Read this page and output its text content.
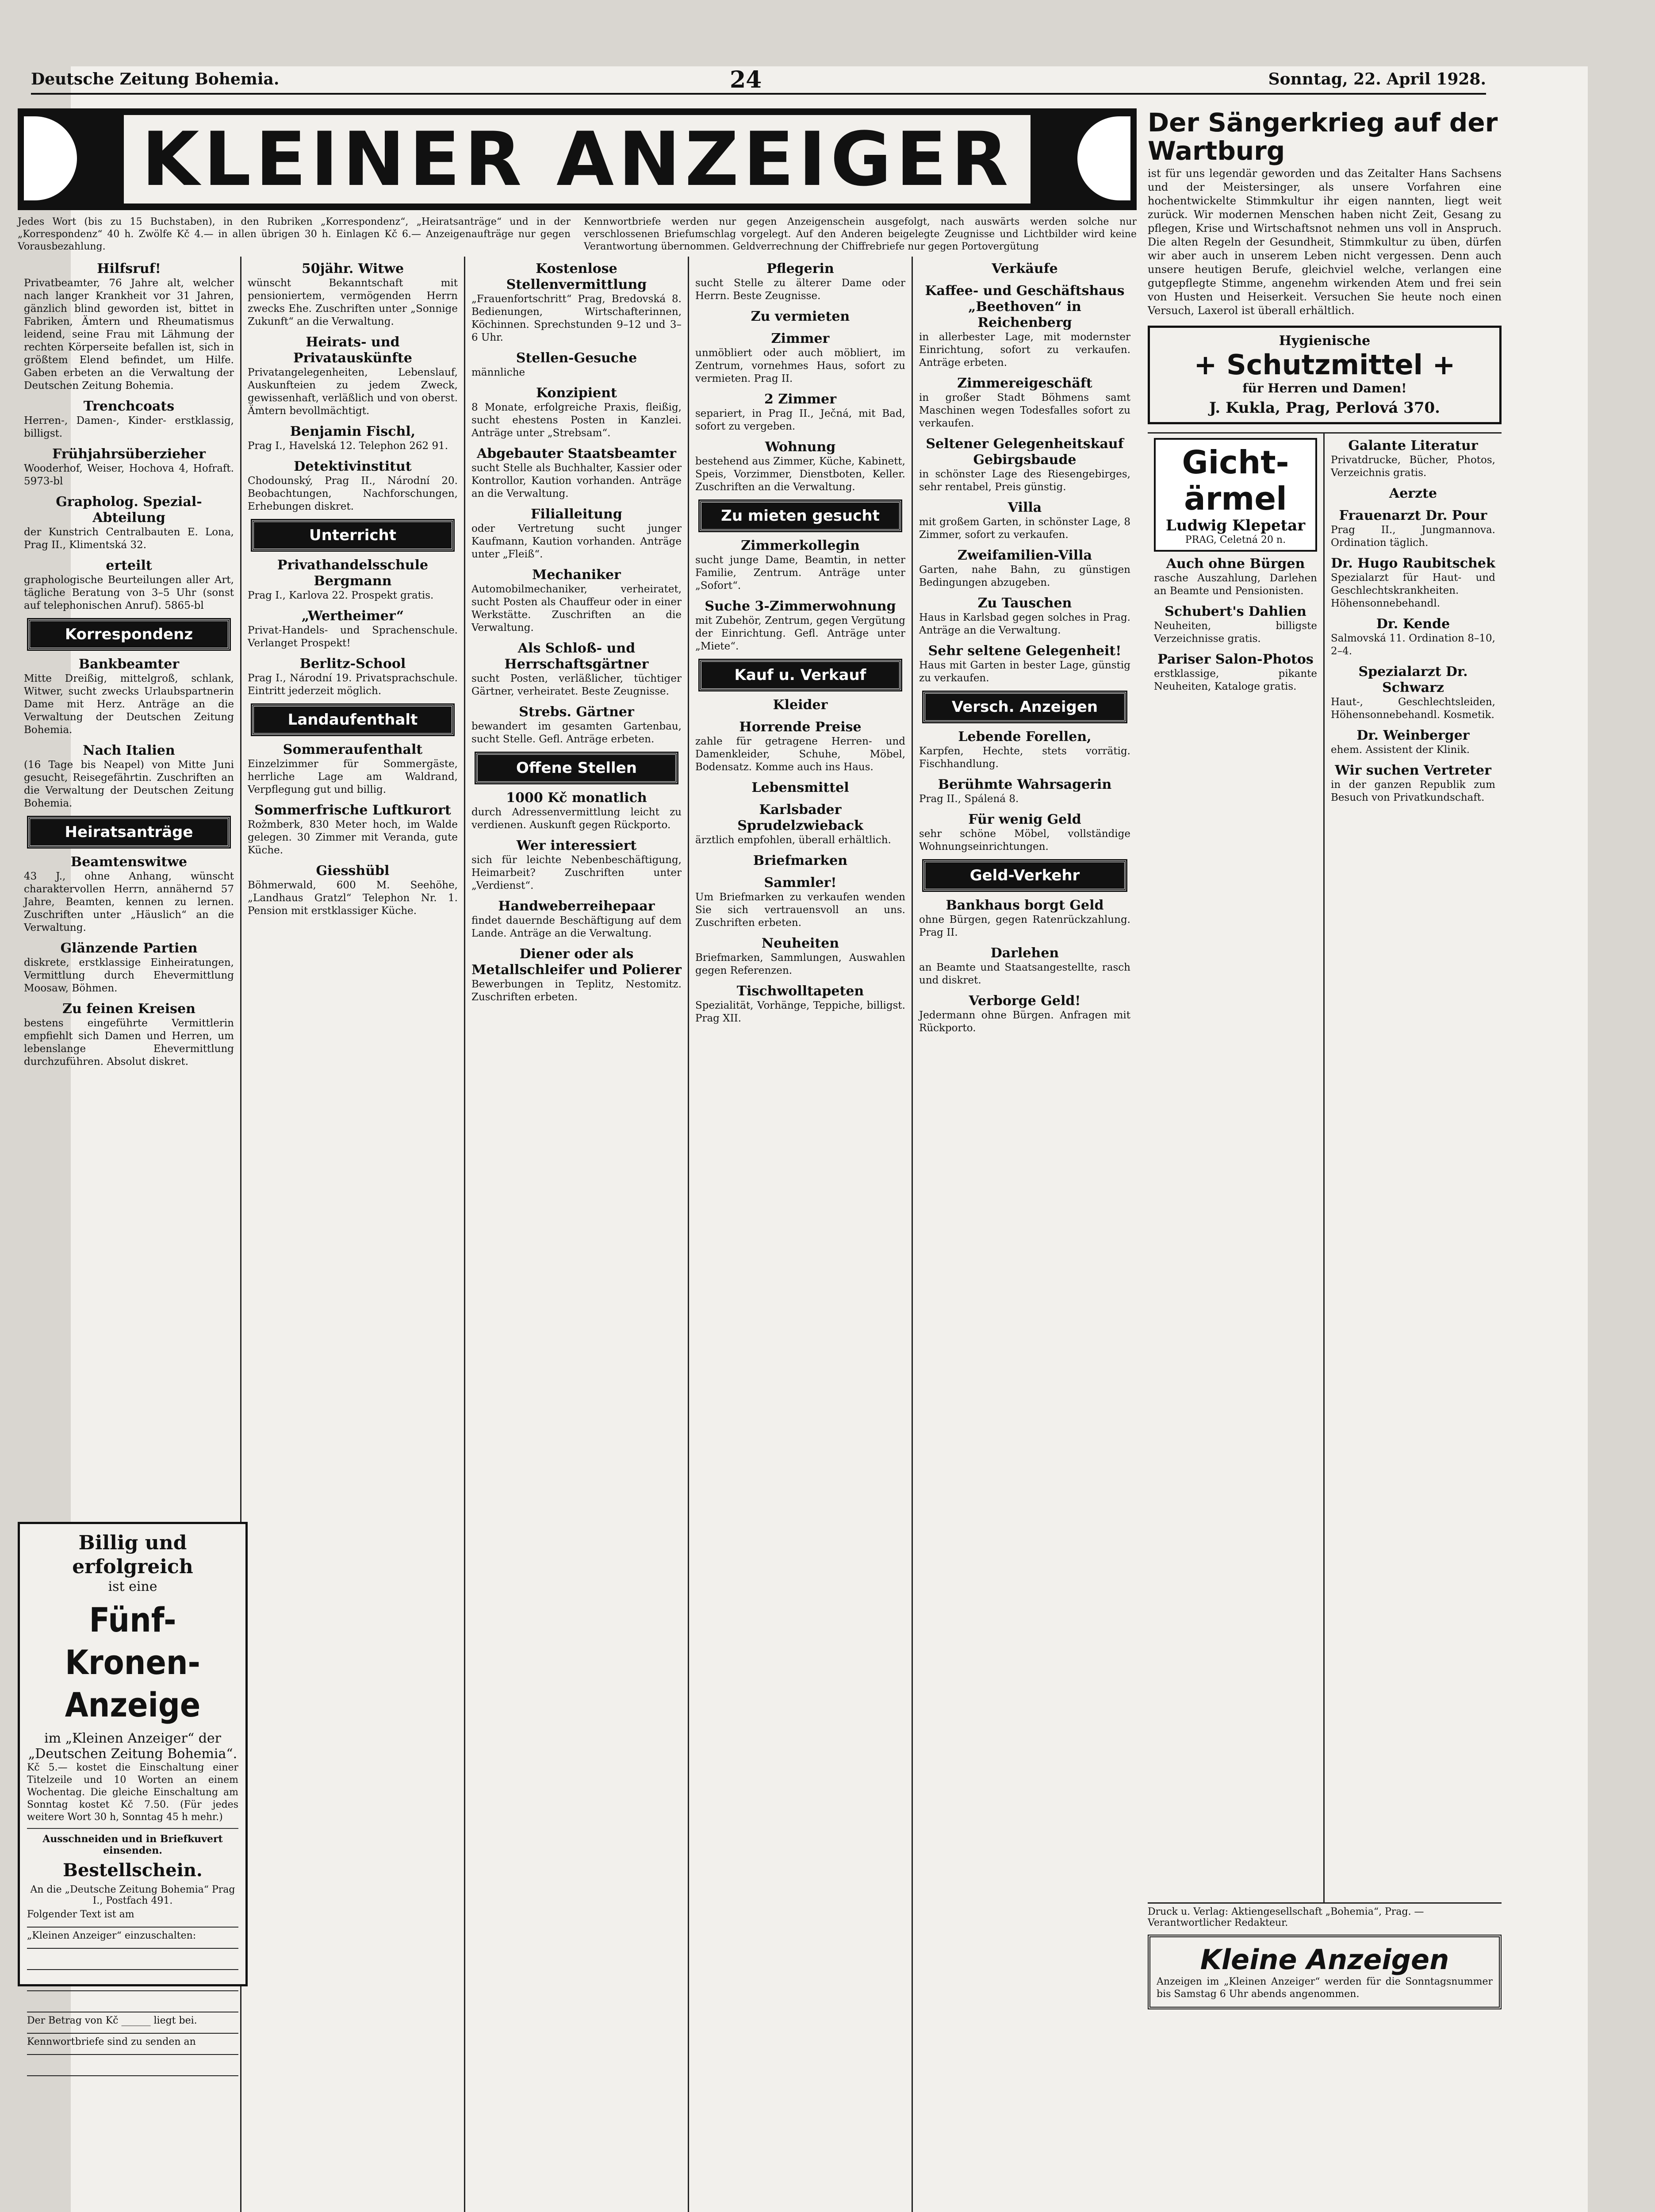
Deutsche Zeitung Bohemia.	24	Sonntag, 22. April 1928.
KLEINER ANZEIGER
Jedes Wort (bis zu 15 Buchstaben), in den Rubriken „Korrespondenz“, „Heiratsanträge“ und in der „Korrespondenz“ 40 h. Zwölfe Kč 4.— in allen übrigen 30 h. Einlagen Kč 6.— Anzeigenaufträge nur gegen Vorausbezahlung.
Kennwortbriefe werden nur gegen Anzeigenschein ausgefolgt, nach auswärts werden solche nur verschlossenen Briefumschlag vorgelegt. Auf den Anderen beigelegte Zeugnisse und Lichtbilder wird keine Verantwortung übernommen. Geldverrechnung der Chiffrebriefe nur gegen Portovergütung
Hilfsruf!
Privatbeamter, 76 Jahre alt, welcher nach langer Krankheit vor 31 Jahren, gänzlich blind geworden ist, bittet in Fabriken, Ämtern und Rheumatismus leidend, seine Frau mit Lähmung der rechten Körperseite befallen ist, sich in größtem Elend befindet, um Hilfe. Gaben erbeten an die Verwaltung der Deutschen Zeitung Bohemia.
Trenchcoats
Herren-, Damen-, Kinder- erstklassig, billigst.
Frühjahrsüberzieher
Wooderhof, Weiser, Hochova 4, Hofraft. 5973-bl
Grapholog. Spezial-Abteilung
der Kunstrich Centralbauten E. Lona, Prag II., Klimentská 32.
erteilt
graphologische Beurteilungen aller Art, tägliche Beratung von 3–5 Uhr (sonst auf telephonischen Anruf). 5865-bl
Korrespondenz
Bankbeamter
Mitte Dreißig, mittelgroß, schlank, Witwer, sucht zwecks Urlaubspartnerin Dame mit Herz. Anträge an die Verwaltung der Deutschen Zeitung Bohemia.
Nach Italien
(16 Tage bis Neapel) von Mitte Juni gesucht, Reisegefährtin. Zuschriften an die Verwaltung der Deutschen Zeitung Bohemia.
Heiratsanträge
Beamtenswitwe
43 J., ohne Anhang, wünscht charaktervollen Herrn, annähernd 57 Jahre, Beamten, kennen zu lernen. Zuschriften unter „Häuslich“ an die Verwaltung.
Glänzende Partien
diskrete, erstklassige Einheiratungen, Vermittlung durch Ehevermittlung Moosaw, Böhmen.
Zu feinen Kreisen
bestens eingeführte Vermittlerin empfiehlt sich Damen und Herren, um lebenslange Ehevermittlung durchzuführen. Absolut diskret.
50jähr. Witwe
wünscht Bekanntschaft mit pensioniertem, vermögenden Herrn zwecks Ehe. Zuschriften unter „Sonnige Zukunft“ an die Verwaltung.
Heirats- und Privatauskünfte
Privatangelegenheiten, Lebenslauf, Auskunfteien zu jedem Zweck, gewissenhaft, verläßlich und von oberst. Ämtern bevollmächtigt.
Benjamin Fischl,
Prag I., Havelská 12. Telephon 262 91.
Detektivinstitut
Chodounský, Prag II., Národní 20. Beobachtungen, Nachforschungen, Erhebungen diskret.
Unterricht
Privathandelsschule Bergmann
Prag I., Karlova 22. Prospekt gratis.
„Wertheimer“
Privat-Handels- und Sprachenschule. Verlanget Prospekt!
Berlitz-School
Prag I., Národní 19. Privatsprachschule. Eintritt jederzeit möglich.
Landaufenthalt
Sommeraufenthalt
Einzelzimmer für Sommergäste, herrliche Lage am Waldrand, Verpflegung gut und billig.
Sommerfrische Luftkurort
Rožmberk, 830 Meter hoch, im Walde gelegen. 30 Zimmer mit Veranda, gute Küche.
Giesshübl
Böhmerwald, 600 M. Seehöhe, „Landhaus Gratzl“ Telephon Nr. 1. Pension mit erstklassiger Küche.
Kostenlose Stellenvermittlung
„Frauenfortschritt“ Prag, Bredovská 8. Bedienungen, Wirtschafterinnen, Köchinnen. Sprechstunden 9–12 und 3–6 Uhr.
Stellen-Gesuche
männliche
Konzipient
8 Monate, erfolgreiche Praxis, fleißig, sucht ehestens Posten in Kanzlei. Anträge unter „Strebsam“.
Abgebauter Staatsbeamter
sucht Stelle als Buchhalter, Kassier oder Kontrollor, Kaution vorhanden. Anträge an die Verwaltung.
Filialleitung
oder Vertretung sucht junger Kaufmann, Kaution vorhanden. Anträge unter „Fleiß“.
Mechaniker
Automobilmechaniker, verheiratet, sucht Posten als Chauffeur oder in einer Werkstätte. Zuschriften an die Verwaltung.
Als Schloß- und Herrschaftsgärtner
sucht Posten, verläßlicher, tüchtiger Gärtner, verheiratet. Beste Zeugnisse.
Strebs. Gärtner
bewandert im gesamten Gartenbau, sucht Stelle. Gefl. Anträge erbeten.
Offene Stellen
1000 Kč monatlich
durch Adressenvermittlung leicht zu verdienen. Auskunft gegen Rückporto.
Wer interessiert
sich für leichte Nebenbeschäftigung, Heimarbeit? Zuschriften unter „Verdienst“.
Handweberreihepaar
findet dauernde Beschäftigung auf dem Lande. Anträge an die Verwaltung.
Diener oder als Metallschleifer und Polierer
Bewerbungen in Teplitz, Nestomitz. Zuschriften erbeten.
Pflegerin
sucht Stelle zu älterer Dame oder Herrn. Beste Zeugnisse.
Zu vermieten
Zimmer
unmöbliert oder auch möbliert, im Zentrum, vornehmes Haus, sofort zu vermieten. Prag II.
2 Zimmer
separiert, in Prag II., Ječná, mit Bad, sofort zu vergeben.
Wohnung
bestehend aus Zimmer, Küche, Kabinett, Speis, Vorzimmer, Dienstboten, Keller. Zuschriften an die Verwaltung.
Zu mieten gesucht
Zimmerkollegin
sucht junge Dame, Beamtin, in netter Familie, Zentrum. Anträge unter „Sofort“.
Suche 3-Zimmerwohnung
mit Zubehör, Zentrum, gegen Vergütung der Einrichtung. Gefl. Anträge unter „Miete“.
Kauf u. Verkauf
Kleider
Horrende Preise
zahle für getragene Herren- und Damenkleider, Schuhe, Möbel, Bodensatz. Komme auch ins Haus.
Lebensmittel
Karlsbader Sprudelzwieback
ärztlich empfohlen, überall erhältlich.
Briefmarken
Sammler!
Um Briefmarken zu verkaufen wenden Sie sich vertrauensvoll an uns. Zuschriften erbeten.
Neuheiten
Briefmarken, Sammlungen, Auswahlen gegen Referenzen.
Tischwolltapeten
Spezialität, Vorhänge, Teppiche, billigst. Prag XII.
Verkäufe
Kaffee- und Geschäftshaus „Beethoven“ in Reichenberg
in allerbester Lage, mit modernster Einrichtung, sofort zu verkaufen. Anträge erbeten.
Zimmereigeschäft
in großer Stadt Böhmens samt Maschinen wegen Todesfalles sofort zu verkaufen.
Seltener Gelegenheitskauf Gebirgsbaude
in schönster Lage des Riesengebirges, sehr rentabel, Preis günstig.
Villa
mit großem Garten, in schönster Lage, 8 Zimmer, sofort zu verkaufen.
Zweifamilien-Villa
Garten, nahe Bahn, zu günstigen Bedingungen abzugeben.
Zu Tauschen
Haus in Karlsbad gegen solches in Prag. Anträge an die Verwaltung.
Sehr seltene Gelegenheit!
Haus mit Garten in bester Lage, günstig zu verkaufen.
Versch. Anzeigen
Lebende Forellen,
Karpfen, Hechte, stets vorrätig. Fischhandlung.
Berühmte Wahrsagerin
Prag II., Spálená 8.
Für wenig Geld
sehr schöne Möbel, vollständige Wohnungseinrichtungen.
Geld-Verkehr
Bankhaus borgt Geld
ohne Bürgen, gegen Ratenrückzahlung. Prag II.
Darlehen
an Beamte und Staatsangestellte, rasch und diskret.
Verborge Geld!
Jedermann ohne Bürgen. Anfragen mit Rückporto.
Billig und erfolgreich
ist eine
Fünf-Kronen-Anzeige
im „Kleinen Anzeiger“ der „Deutschen Zeitung Bohemia“.
Kč 5.— kostet die Einschaltung einer Titelzeile und 10 Worten an einem Wochentag. Die gleiche Einschaltung am Sonntag kostet Kč 7.50. (Für jedes weitere Wort 30 h, Sonntag 45 h mehr.)
Ausschneiden und in Briefkuvert einsenden.
Bestellschein.
An die „Deutsche Zeitung Bohemia“ Prag I., Postfach 491.
Folgender Text ist am
„Kleinen Anzeiger“ einzuschalten:
Der Betrag von Kč ______ liegt bei.
Kennwortbriefe sind zu senden an
Der Sängerkrieg auf der Wartburg

ist für uns legendär geworden und das Zeitalter Hans Sachsens und der Meistersinger, als unsere Vorfahren eine hochentwickelte Stimmkultur ihr eigen nannten, liegt weit zurück. Wir modernen Menschen haben nicht Zeit, Gesang zu pflegen, Krise und Wirtschaftsnot nehmen uns voll in Anspruch. Die alten Regeln der Gesundheit, Stimmkultur zu üben, dürfen wir aber auch in unserem Leben nicht vergessen. Denn auch unsere heutigen Berufe, gleichviel welche, verlangen eine gutgepflegte Stimme, angenehm wirkenden Atem und frei sein von Husten und Heiserkeit. Versuchen Sie heute noch einen Versuch, Laxerol ist überall erhältlich.

Hygienische
+ Schutzmittel +
für Herren und Damen!
J. Kukla, Prag, Perlová 370.
Gicht-
ärmel
Ludwig Klepetar
PRAG, Celetná 20 n.
Auch ohne Bürgen
rasche Auszahlung, Darlehen an Beamte und Pensionisten.
Schubert's Dahlien
Neuheiten, billigste Verzeichnisse gratis.
Pariser Salon-Photos
erstklassige, pikante Neuheiten, Kataloge gratis.
Galante Literatur
Privatdrucke, Bücher, Photos, Verzeichnis gratis.
Aerzte
Frauenarzt Dr. Pour
Prag II., Jungmannova. Ordination täglich.
Dr. Hugo Raubitschek
Spezialarzt für Haut- und Geschlechtskrankheiten. Höhensonnebehandl.
Dr. Kende
Salmovská 11. Ordination 8–10, 2–4.
Spezialarzt Dr. Schwarz
Haut-, Geschlechtsleiden, Höhensonnebehandl. Kosmetik.
Dr. Weinberger
ehem. Assistent der Klinik.
Wir suchen Vertreter
in der ganzen Republik zum Besuch von Privatkundschaft.
Druck u. Verlag: Aktiengesellschaft „Bohemia“, Prag. — Verantwortlicher Redakteur.
Kleine Anzeigen
Anzeigen im „Kleinen Anzeiger“ werden für die Sonntagsnummer bis Samstag 6 Uhr abends angenommen.
